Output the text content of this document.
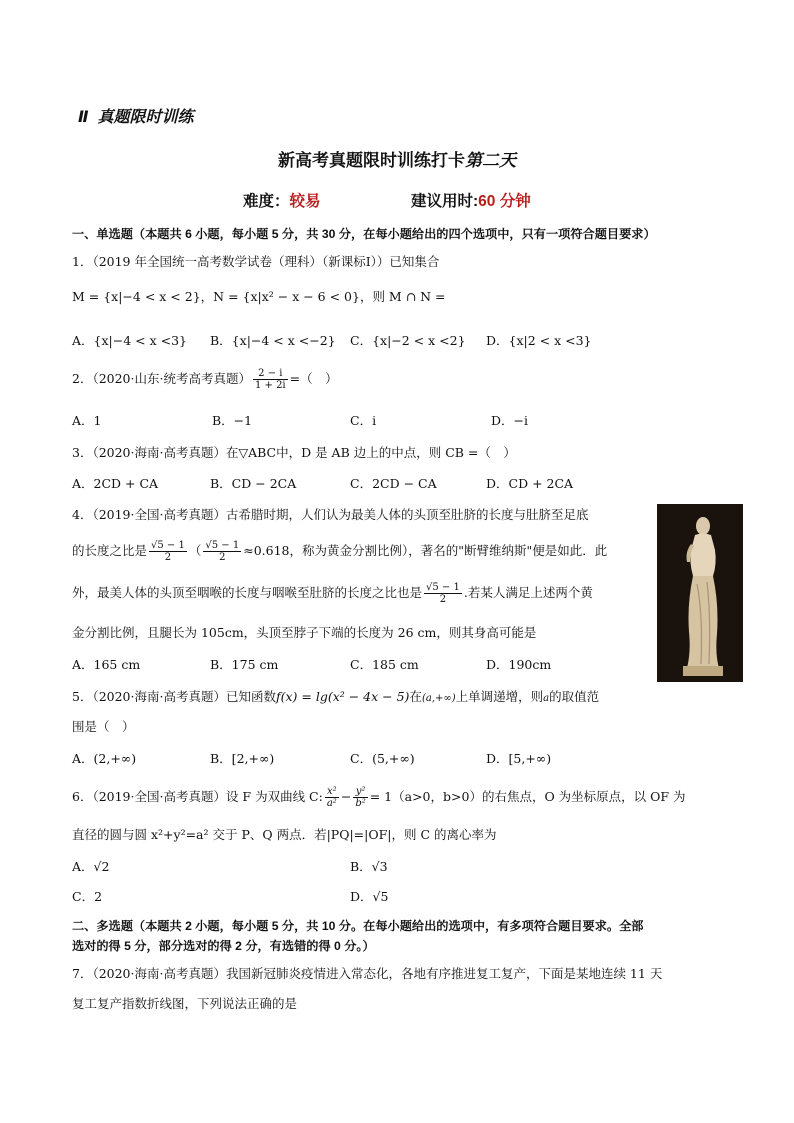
Ⅱ 真题限时训练
新高考真题限时训练打卡第二天
难度：较易	建议用时:60 分钟
一、单选题（本题共 6 小题，每小题 5 分，共 30 分，在每小题给出的四个选项中，只有一项符合题目要求）
1．（2019 年全国统一高考数学试卷（理科）（新课标Ⅰ））已知集合
M = {x|−4 < x < 2}，N = {x|x² − x − 6 < 0}，则 M ∩ N =
A．{x|−4 < x <3} B．{x|−4 < x <−2} C．{x|−2 < x <2} D．{x|2 < x <3}
2．（2020·山东·统考高考真题） $\frac{2 - i}{1 + 2i}$ =（　）
A．1	B．−1	C．i	D．−i
3．（2020·海南·高考真题）在▽ABC中，D 是 AB 边上的中点，则 CB =（　）
A．2CD + CA	B．CD − 2CA	C．2CD − CA	D．CD + 2CA
4．（2019·全国·高考真题）古希腊时期，人们认为最美人体的头顶至肚脐的长度与肚脐至足底
的长度之比是 $\frac{√5 - 1}{2}$ （ $\frac{√5 - 1}{2} \approx 0.618$，称为黄金分割比例），著名的"断臂维纳斯"便是如此．此
外，最美人体的头顶至咽喉的长度与咽喉至肚脐的长度之比也是 $\frac{√5 - 1}{2}$ .若某人满足上述两个黄
金分割比例，且腿长为 105cm，头顶至脖子下端的长度为 26 cm，则其身高可能是
A．165 cm	B．175 cm	C．185 cm	D．190cm
5．（2020·海南·高考真题）已知函数f(x) = lg(x² − 4x − 5)在(a,+∞)上单调递增，则a的取值范
围是（　）
A．(2,+∞)	B．[2,+∞)	C．(5,+∞)	D．[5,+∞)
6．（2019·全国·高考真题）设 F 为双曲线 C: $\frac{\text{x²}}{\text{a²}} - \frac{\text{y²}}{\text{b²}} = 1(a>0$，b>0）的右焦点，O 为坐标原点，以 OF 为
直径的圆与圆 x²+y²=a² 交于 P、Q 两点．若|PQ|=|OF|，则 C 的离心率为
A．√2	B．√3
C．2	D．√5
二、多选题（本题共 2 小题，每小题 5 分，共 10 分。在每小题给出的选项中，有多项符合题目要求。全部
选对的得 5 分，部分选对的得 2 分，有选错的得 0 分。）
7．（2020·海南·高考真题）我国新冠肺炎疫情进入常态化，各地有序推进复工复产，下面是某地连续 11 天
复工复产指数折线图，下列说法正确的是
